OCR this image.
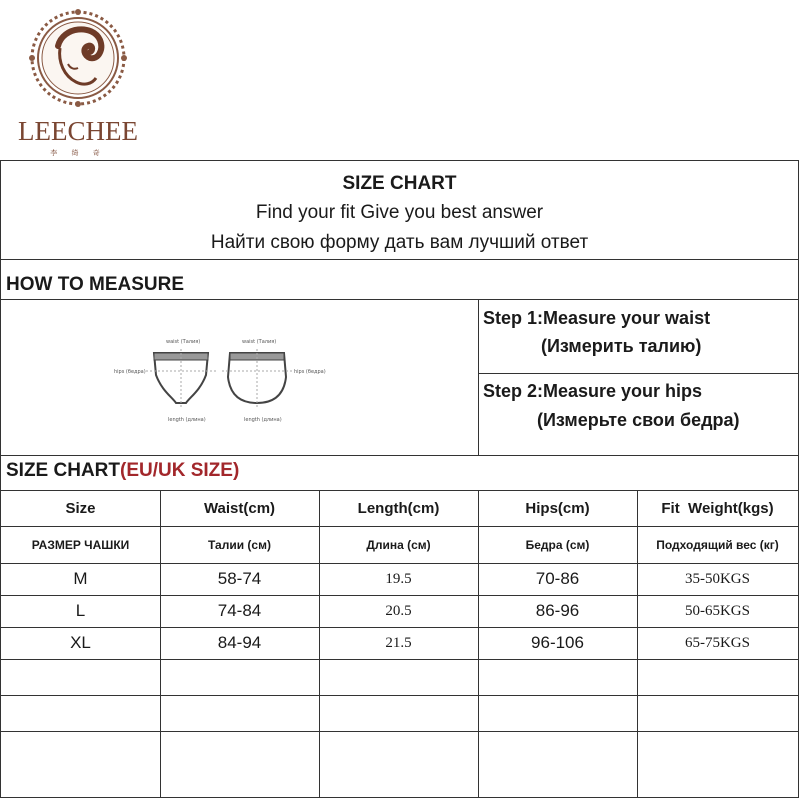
LEECHEE
李 绮 奇
SIZE CHART
Find your fit Give you best answer
Найти свою форму дать вам лучший ответ
HOW TO MEASURE
waist (Талия)	waist (Талия)
hips (бедра)	hips (бедра)
length (длина)	length (длина)
Step 1:Measure your waist
(Измерить талию)
Step 2:Measure your hips
(Измерьте свои бедра)
SIZE CHART(EU/UK SIZE)
Size	Waist(cm)	Length(cm)	Hips(cm)	Fit  Weight(kgs)
РАЗМЕР ЧАШКИ	Талии (см)	Длина (см)	Бедра (см)	Подходящий вес (кг)
M	58-74	19.5	70-86	35-50KGS
L	74-84	20.5	86-96	50-65KGS
XL	84-94	21.5	96-106	65-75KGS
